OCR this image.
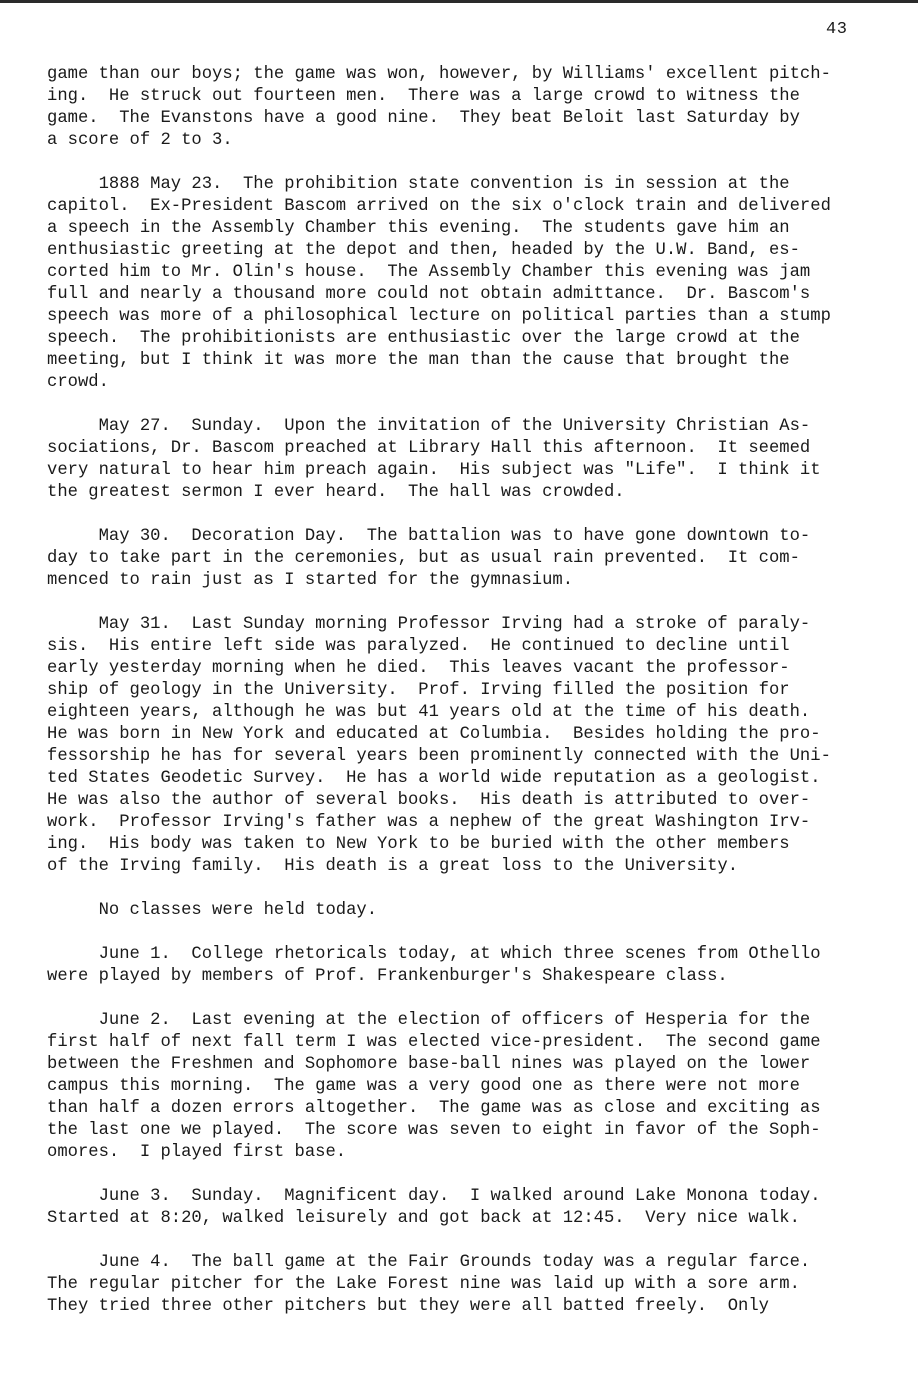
43
game than our boys; the game was won, however, by Williams' excellent pitch-
ing.  He struck out fourteen men.  There was a large crowd to witness the
game.  The Evanstons have a good nine.  They beat Beloit last Saturday by
a score of 2 to 3.
1888 May 23.  The prohibition state convention is in session at the
capitol.  Ex-President Bascom arrived on the six o'clock train and delivered
a speech in the Assembly Chamber this evening.  The students gave him an
enthusiastic greeting at the depot and then, headed by the U.W. Band, es-
corted him to Mr. Olin's house.  The Assembly Chamber this evening was jam
full and nearly a thousand more could not obtain admittance.  Dr. Bascom's
speech was more of a philosophical lecture on political parties than a stump
speech.  The prohibitionists are enthusiastic over the large crowd at the
meeting, but I think it was more the man than the cause that brought the
crowd.
May 27.  Sunday.  Upon the invitation of the University Christian As-
sociations, Dr. Bascom preached at Library Hall this afternoon.  It seemed
very natural to hear him preach again.  His subject was "Life".  I think it
the greatest sermon I ever heard.  The hall was crowded.
May 30.  Decoration Day.  The battalion was to have gone downtown to-
day to take part in the ceremonies, but as usual rain prevented.  It com-
menced to rain just as I started for the gymnasium.
May 31.  Last Sunday morning Professor Irving had a stroke of paraly-
sis.  His entire left side was paralyzed.  He continued to decline until
early yesterday morning when he died.  This leaves vacant the professor-
ship of geology in the University.  Prof. Irving filled the position for
eighteen years, although he was but 41 years old at the time of his death.
He was born in New York and educated at Columbia.  Besides holding the pro-
fessorship he has for several years been prominently connected with the Uni-
ted States Geodetic Survey.  He has a world wide reputation as a geologist.
He was also the author of several books.  His death is attributed to over-
work.  Professor Irving's father was a nephew of the great Washington Irv-
ing.  His body was taken to New York to be buried with the other members
of the Irving family.  His death is a great loss to the University.
No classes were held today.
June 1.  College rhetoricals today, at which three scenes from Othello
were played by members of Prof. Frankenburger's Shakespeare class.
June 2.  Last evening at the election of officers of Hesperia for the
first half of next fall term I was elected vice-president.  The second game
between the Freshmen and Sophomore base-ball nines was played on the lower
campus this morning.  The game was a very good one as there were not more
than half a dozen errors altogether.  The game was as close and exciting as
the last one we played.  The score was seven to eight in favor of the Soph-
omores.  I played first base.
June 3.  Sunday.  Magnificent day.  I walked around Lake Monona today.
Started at 8:20, walked leisurely and got back at 12:45.  Very nice walk.
June 4.  The ball game at the Fair Grounds today was a regular farce.
The regular pitcher for the Lake Forest nine was laid up with a sore arm.
They tried three other pitchers but they were all batted freely.  Only
